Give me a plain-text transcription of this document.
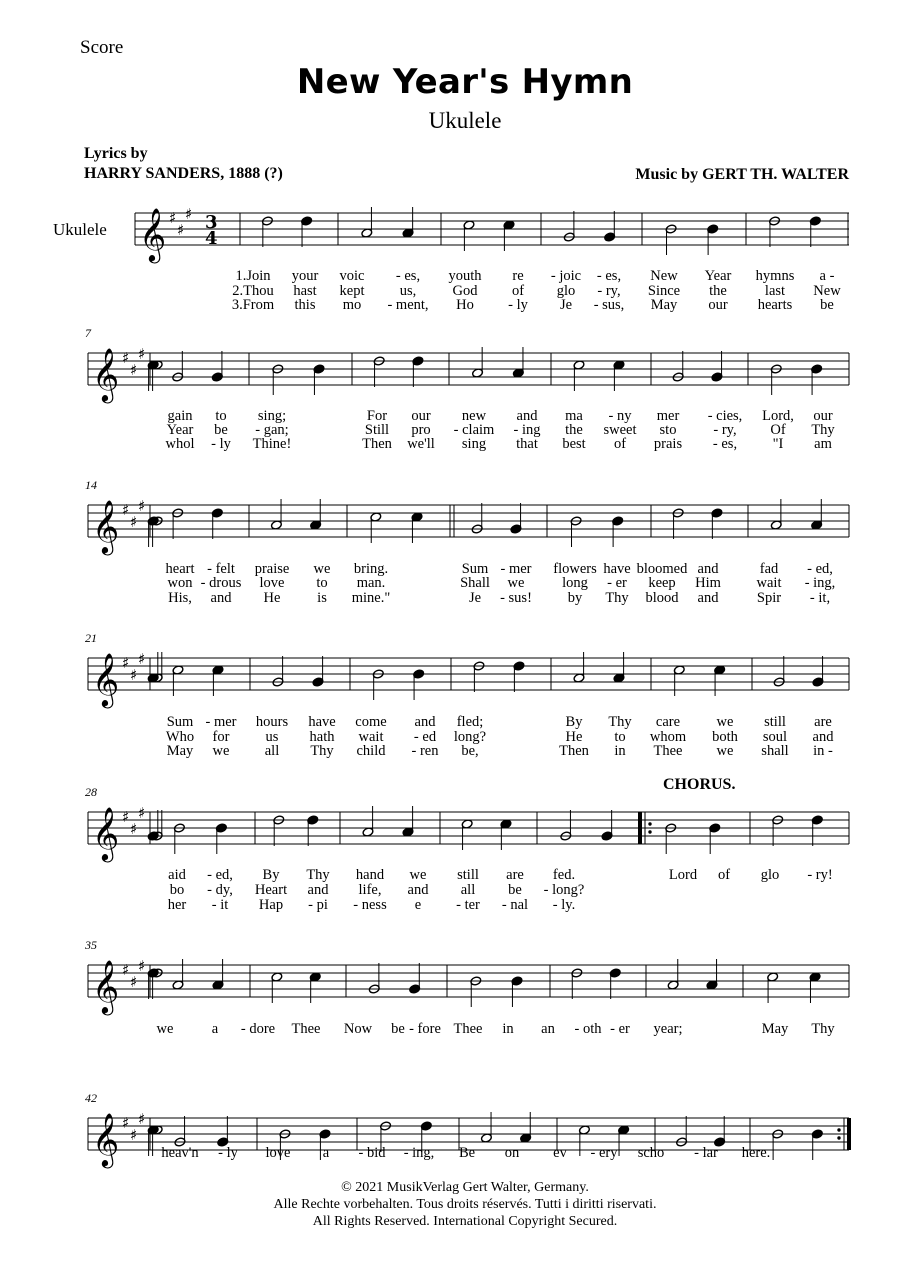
Score
New Year's Hymn
Ukulele
Lyrics by
HARRY SANDERS, 1888 (?)	Music by GERT TH. WALTER
Ukulele 𝄞 ♯
♯
♯ 3
4
𝄞 ♯
♯
♯
7
𝄞 ♯
♯
♯
14
𝄞 ♯
♯
♯
21
𝄞 ♯
♯
♯
28
𝄞 ♯
♯
♯
35
𝄞 ♯
♯
♯
42
CHORUS.
© 2021 MusikVerlag Gert Walter, Germany.
Alle Rechte vorbehalten. Tous droits réservés. Tutti i diritti riservati.
All Rights Reserved. International Copyright Secured.
1.Join your voic - es, youth re - joic - es, New Year hymns a -
2.Thou hast kept us, God of glo - ry, Since the	last New
3.From this mo - ment, Ho - ly Je - sus, May our hearts be
gain to sing;	For our new and ma - ny mer - cies, Lord, our
Year be - gan;	Still pro - claim - ing the sweet sto	- ry, Of Thy
whol - ly Thine!	Then we'll sing that best of prais - es, "I am
heart - felt praise we bring.	Sum - mer flowers have bloomed and	fad - ed,
won - drous love to man.	Shall we	long - er keep Him wait - ing,
His, and He	is mine."	Je - sus! by Thy blood and	Spir - it,
Sum - mer hours have come and fled;	By Thy care	we still are
Who for us hath wait - ed long?	He to whom both soul and
May we all Thy child - ren be,	Then in Thee we shall in -
aid - ed, By Thy hand we still are fed.	Lord of glo - ry!
bo - dy, Heart and life, and all be - long?
her - it Hap - pi - ness e - ter - nal - ly.
we	a - dore Thee Now be - fore Thee in an - oth - er year;	May Thy
heav'n - ly love a - bid - ing, Be on ev - ery scho - lar here.
